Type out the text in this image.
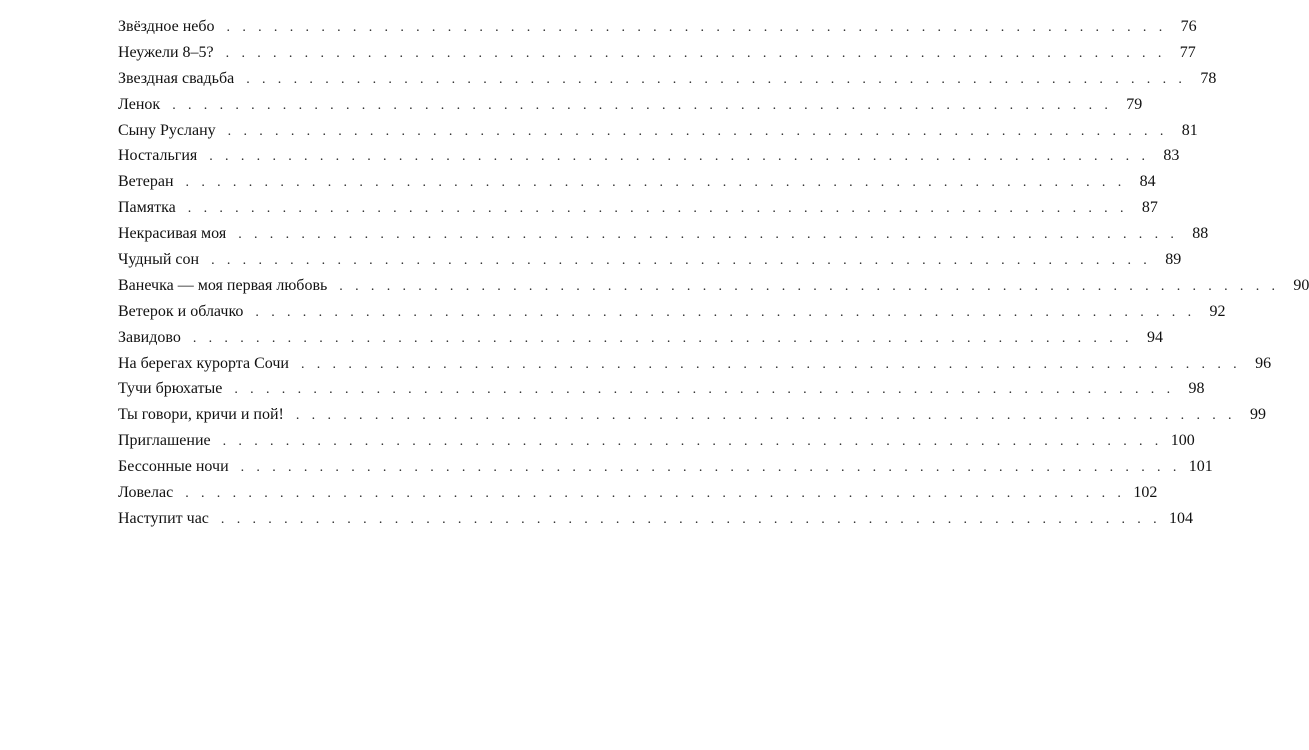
Звёздное небо . . . . . . . . . . . . . . . . . . . . . . . . . . . . . . . . . . . . . . . . . . . . . . . . . . . . . . . . . . . . 76
Неужели 8–5? . . . . . . . . . . . . . . . . . . . . . . . . . . . . . . . . . . . . . . . . . . . . . . . . . . . . . . . . . . . . 77
Звездная свадьба . . . . . . . . . . . . . . . . . . . . . . . . . . . . . . . . . . . . . . . . . . . . . . . . . . . . . . . . . . . . 78
Ленок . . . . . . . . . . . . . . . . . . . . . . . . . . . . . . . . . . . . . . . . . . . . . . . . . . . . . . . . . . . . 79
Сыну Руслану . . . . . . . . . . . . . . . . . . . . . . . . . . . . . . . . . . . . . . . . . . . . . . . . . . . . . . . . . . . . 81
Ностальгия . . . . . . . . . . . . . . . . . . . . . . . . . . . . . . . . . . . . . . . . . . . . . . . . . . . . . . . . . . . . 83
Ветеран . . . . . . . . . . . . . . . . . . . . . . . . . . . . . . . . . . . . . . . . . . . . . . . . . . . . . . . . . . . . 84
Памятка . . . . . . . . . . . . . . . . . . . . . . . . . . . . . . . . . . . . . . . . . . . . . . . . . . . . . . . . . . . . 87
Некрасивая моя . . . . . . . . . . . . . . . . . . . . . . . . . . . . . . . . . . . . . . . . . . . . . . . . . . . . . . . . . . . . 88
Чудный сон . . . . . . . . . . . . . . . . . . . . . . . . . . . . . . . . . . . . . . . . . . . . . . . . . . . . . . . . . . . . 89
Ванечка — моя первая любовь . . . . . . . . . . . . . . . . . . . . . . . . . . . . . . . . . . . . . . . . . . . . . . . . . . . . . . . . . . . . 90
Ветерок и облачко . . . . . . . . . . . . . . . . . . . . . . . . . . . . . . . . . . . . . . . . . . . . . . . . . . . . . . . . . . . . 92
Завидово . . . . . . . . . . . . . . . . . . . . . . . . . . . . . . . . . . . . . . . . . . . . . . . . . . . . . . . . . . . . 94
На берегах курорта Сочи . . . . . . . . . . . . . . . . . . . . . . . . . . . . . . . . . . . . . . . . . . . . . . . . . . . . . . . . . . . . 96
Тучи брюхатые . . . . . . . . . . . . . . . . . . . . . . . . . . . . . . . . . . . . . . . . . . . . . . . . . . . . . . . . . . . . 98
Ты говори, кричи и пой! . . . . . . . . . . . . . . . . . . . . . . . . . . . . . . . . . . . . . . . . . . . . . . . . . . . . . . . . . . . . 99
Приглашение . . . . . . . . . . . . . . . . . . . . . . . . . . . . . . . . . . . . . . . . . . . . . . . . . . . . . . . . . . . . 100
Бессонные ночи . . . . . . . . . . . . . . . . . . . . . . . . . . . . . . . . . . . . . . . . . . . . . . . . . . . . . . . . . . . . 101
Ловелас . . . . . . . . . . . . . . . . . . . . . . . . . . . . . . . . . . . . . . . . . . . . . . . . . . . . . . . . . . . . 102
Наступит час . . . . . . . . . . . . . . . . . . . . . . . . . . . . . . . . . . . . . . . . . . . . . . . . . . . . . . . . . . . . 104
